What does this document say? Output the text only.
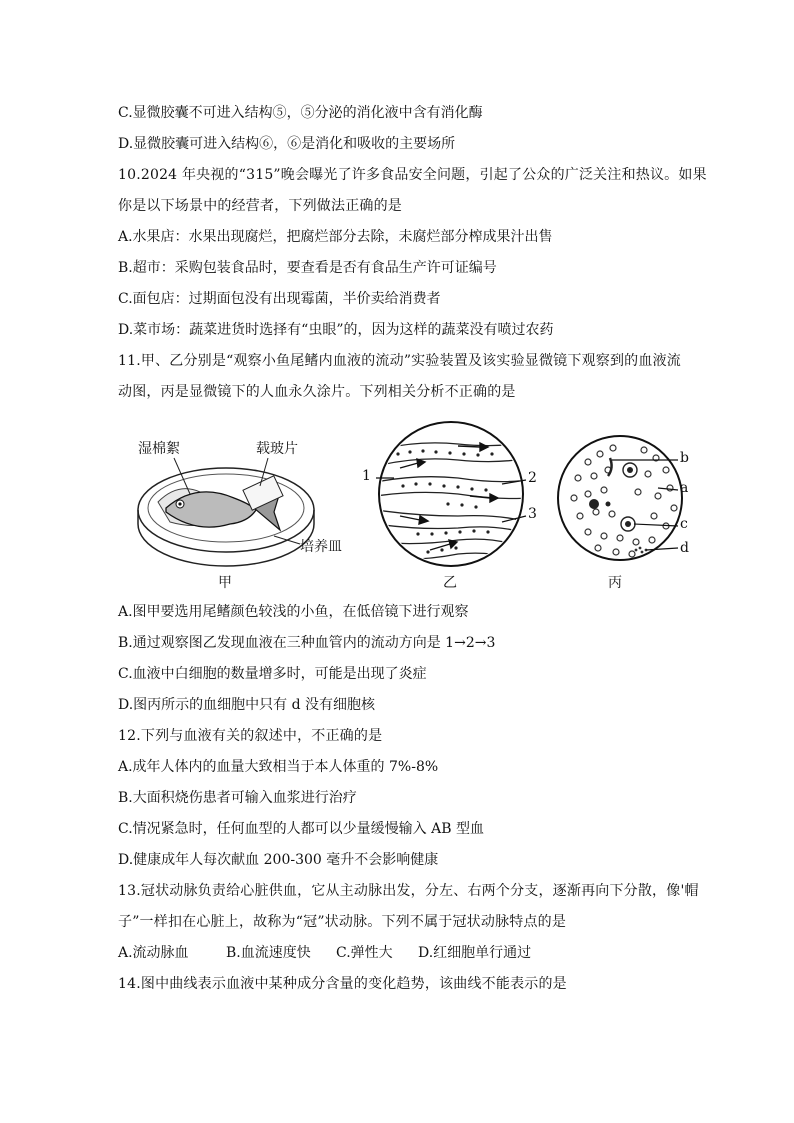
C.显微胶囊不可进入结构⑤，⑤分泌的消化液中含有消化酶
D.显微胶囊可进入结构⑥，⑥是消化和吸收的主要场所
10.2024 年央视的“315”晚会曝光了许多食品安全问题，引起了公众的广泛关注和热议。如果
你是以下场景中的经营者，下列做法正确的是
A.水果店：水果出现腐烂，把腐烂部分去除，未腐烂部分榨成果汁出售
B.超市：采购包装食品时，要查看是否有食品生产许可证编号
C.面包店：过期面包没有出现霉菌，半价卖给消费者
D.菜市场：蔬菜进货时选择有“虫眼”的，因为这样的蔬菜没有喷过农药
11.甲、乙分别是“观察小鱼尾鳍内血液的流动”实验装置及该实验显微镜下观察到的血液流
动图，丙是显微镜下的人血永久涂片。下列相关分析不正确的是
湿棉絮	载玻片
培养皿
1	2
3
b
a
c
d
甲	乙	丙
A.图甲要选用尾鳍颜色较浅的小鱼，在低倍镜下进行观察
B.通过观察图乙发现血液在三种血管内的流动方向是 1→2→3
C.血液中白细胞的数量增多时，可能是出现了炎症
D.图丙所示的血细胞中只有 d 没有细胞核
12.下列与血液有关的叙述中，不正确的是
A.成年人体内的血量大致相当于本人体重的 7%-8%
B.大面积烧伤患者可输入血浆进行治疗
C.情况紧急时，任何血型的人都可以少量缓慢输入 AB 型血
D.健康成年人每次献血 200-300 毫升不会影响健康
13.冠状动脉负责给心脏供血，它从主动脉出发，分左、右两个分支，逐渐再向下分散，像'帽
子”一样扣在心脏上，故称为“冠”状动脉。下列不属于冠状动脉特点的是
A.流动脉血	B.血流速度快 C.弹性大 D.红细胞单行通过
14.图中曲线表示血液中某种成分含量的变化趋势，该曲线不能表示的是
